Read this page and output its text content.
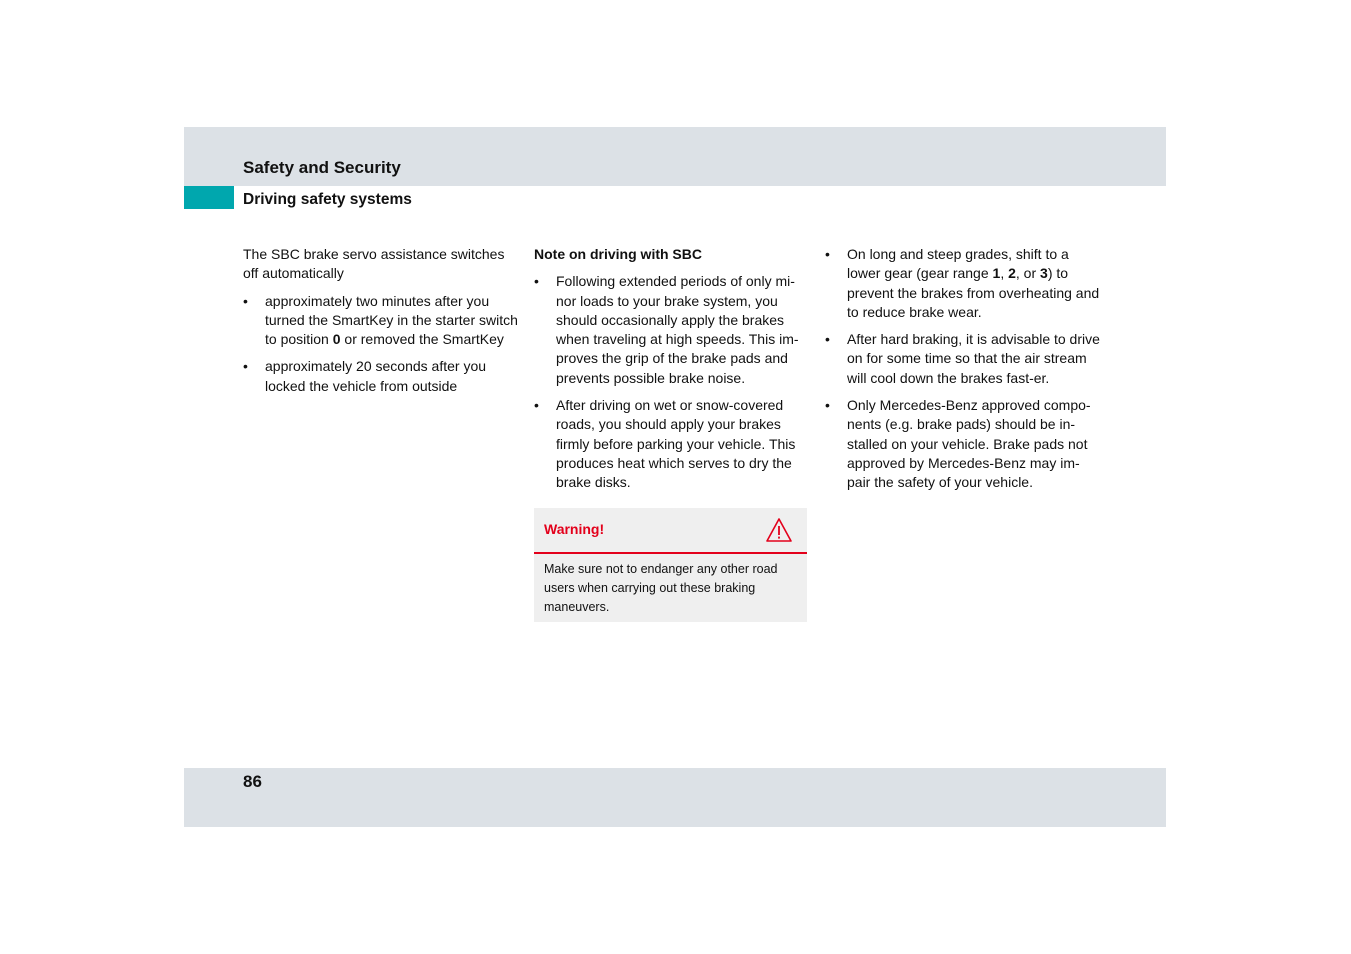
Safety and Security
Driving safety systems

The SBC brake servo assistance switches off automatically

• approximately two minutes after you turned the SmartKey in the starter switch to position 0 or removed the SmartKey
• approximately 20 seconds after you locked the vehicle from outside

Note on driving with SBC

• Following extended periods of only mi-nor loads to your brake system, you should occasionally apply the brakes when traveling at high speeds. This im-proves the grip of the brake pads and prevents possible brake noise.
• After driving on wet or snow-covered roads, you should apply your brakes firmly before parking your vehicle. This produces heat which serves to dry the brake disks.
Warning!
Make sure not to endanger any other road users when carrying out these braking maneuvers.
• On long and steep grades, shift to a lower gear (gear range 1, 2, or 3) to prevent the brakes from overheating and to reduce brake wear.
• After hard braking, it is advisable to drive on for some time so that the air stream will cool down the brakes fast-er.
• Only Mercedes-Benz approved compo-nents (e.g. brake pads) should be in-stalled on your vehicle. Brake pads not approved by Mercedes-Benz may im-pair the safety of your vehicle.
86
